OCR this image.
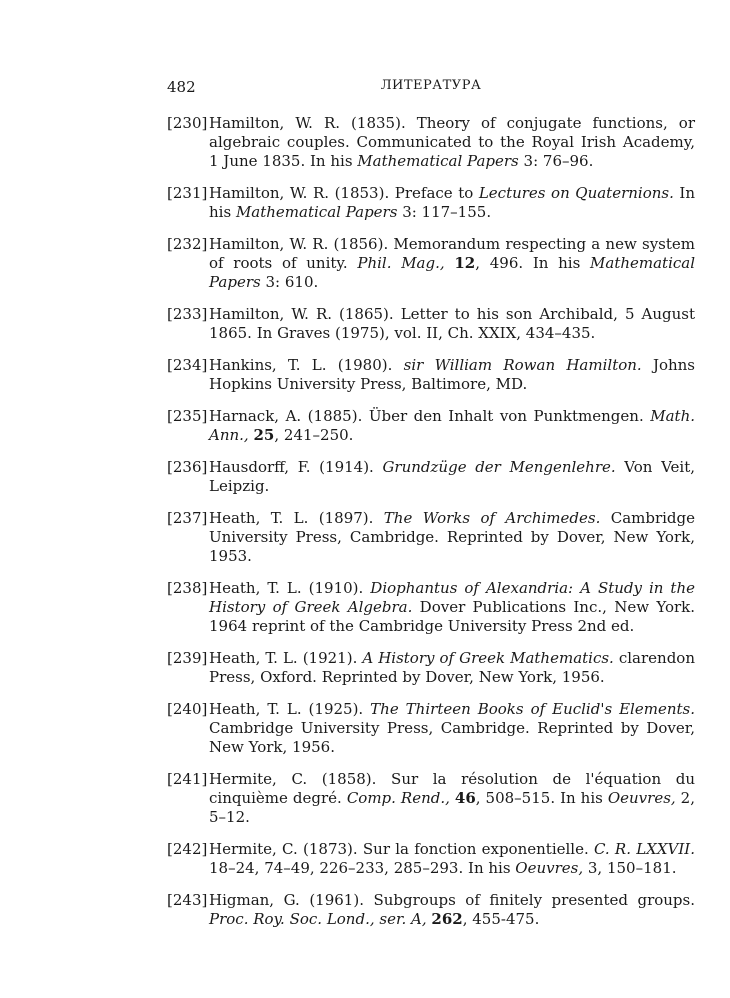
482	ЛИТЕРАТУРА
[230] Hamilton, W. R. (1835). Theory of conjugate functions, or algebraic couples. Communicated to the Royal Irish Academy, 1 June 1835. In his Mathematical Papers 3: 76–96.
[231] Hamilton, W. R. (1853). Preface to Lectures on Quaternions. In his Mathematical Papers 3: 117–155.
[232] Hamilton, W. R. (1856). Memorandum respecting a new system of roots of unity. Phil. Mag., 12, 496. In his Mathematical Papers 3: 610.
[233] Hamilton, W. R. (1865). Letter to his son Archibald, 5 August 1865. In Graves (1975), vol. II, Ch. XXIX, 434–435.
[234] Hankins, T. L. (1980). sir William Rowan Hamilton. Johns Hopkins University Press, Baltimore, MD.
[235] Harnack, A. (1885). Über den Inhalt von Punktmengen. Math. Ann., 25, 241–250.
[236] Hausdorff, F. (1914). Grundzüge der Mengenlehre. Von Veit, Leipzig.
[237] Heath, T. L. (1897). The Works of Archimedes. Cambridge University Press, Cambridge. Reprinted by Dover, New York, 1953.
[238] Heath, T. L. (1910). Diophantus of Alexandria: A Study in the History of Greek Algebra. Dover Publications Inc., New York. 1964 reprint of the Cambridge University Press 2nd ed.
[239] Heath, T. L. (1921). A History of Greek Mathematics. clarendon Press, Oxford. Reprinted by Dover, New York, 1956.
[240] Heath, T. L. (1925). The Thirteen Books of Euclid's Elements. Cambridge University Press, Cambridge. Reprinted by Dover, New York, 1956.
[241] Hermite, C. (1858). Sur la résolution de l'équation du cinquième degré. Comp. Rend., 46, 508–515. In his Oeuvres, 2, 5–12.
[242] Hermite, C. (1873). Sur la fonction exponentielle. C. R. LXXVII. 18–24, 74–49, 226–233, 285–293. In his Oeuvres, 3, 150–181.
[243] Higman, G. (1961). Subgroups of finitely presented groups. Proc. Roy. Soc. Lond., ser. A, 262, 455-475.
